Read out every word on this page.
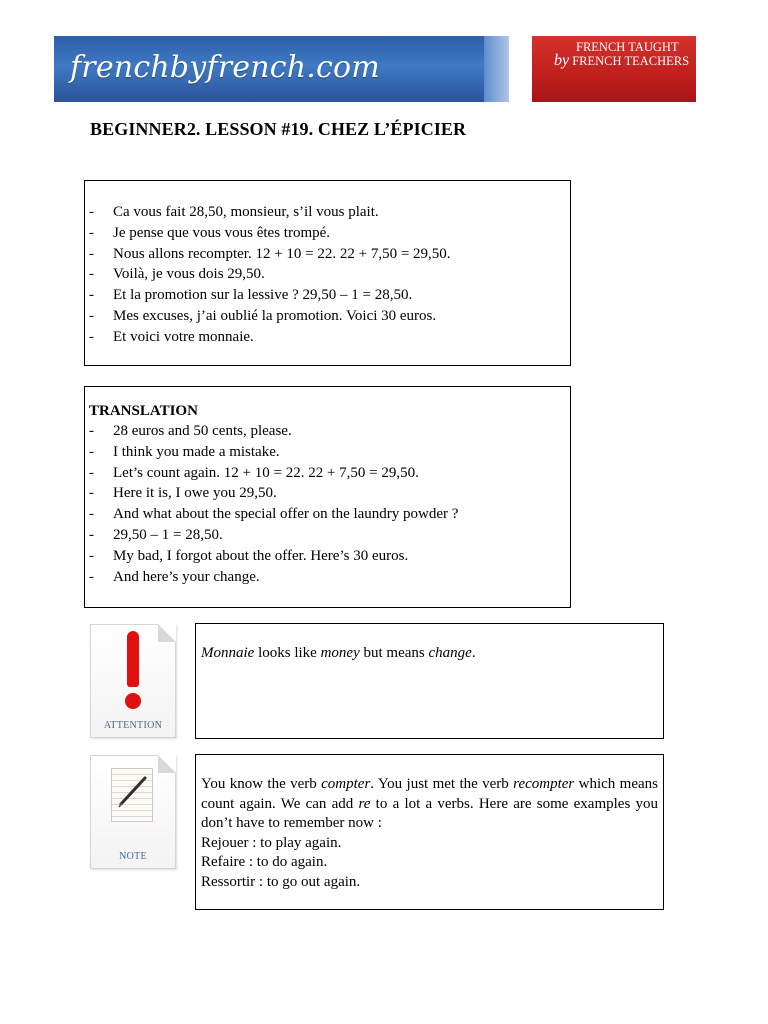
frenchbyfrench.com
FRENCH TAUGHT
by FRENCH TEACHERS
BEGINNER2. LESSON #19. CHEZ L’ÉPICIER
- Ca vous fait 28,50, monsieur, s’il vous plait.
- Je pense que vous vous êtes trompé.
- Nous allons recompter. 12 + 10 = 22. 22 + 7,50 = 29,50.
- Voilà, je vous dois 29,50.
- Et la promotion sur la lessive ? 29,50 – 1 = 28,50.
- Mes excuses, j’ai oublié la promotion. Voici 30 euros.
- Et voici votre monnaie.
TRANSLATION
- 28 euros and 50 cents, please.
- I think you made a mistake.
- Let’s count again. 12 + 10 = 22. 22 + 7,50 = 29,50.
- Here it is, I owe you 29,50.
- And what about the special offer on the laundry powder ?
- 29,50 – 1 = 28,50.
- My bad, I forgot about the offer. Here’s 30 euros.
- And here’s your change.
ATTENTION
Monnaie looks like money but means change.
NOTE
You know the verb compter. You just met the verb recompter which means count again. We can add re to a lot a verbs. Here are some examples you don’t have to remember now :
Rejouer : to play again.
Refaire : to do again.
Ressortir : to go out again.
